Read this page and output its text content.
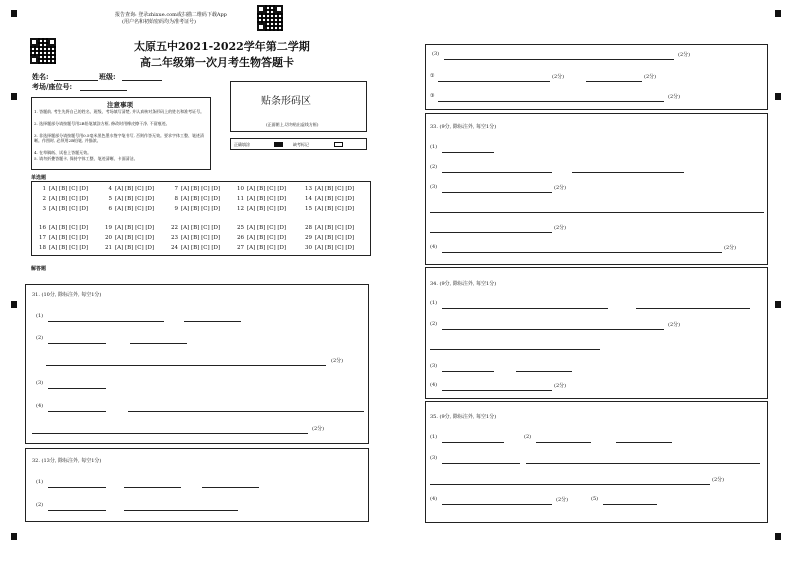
报告查询: 登录zhixue.com或扫描二维码下载App
(用户名和初始密码均为准考证号)
太原五中2021-2022学年第二学期
高二年级第一次月考生物答题卡
姓名:	班级:
考场/座位号:
贴条形码区
(正面朝上,切勿贴出虚线方框)
注意事项
1. 答题前, 考生先将自己的姓名、班级、考场填写清楚, 并认真核对条形码上的姓名和准考证号。
2. 选择题部分请按题号用2B铅笔填涂方框, 修改时用橡皮擦干净, 不留痕迹。
3. 非选择题部分请按题号用0.5毫米黑色墨水签字笔书写, 否则作答无效。要求字体工整、笔迹清晰。作图时, 必须用2B铅笔, 并描浓。
4. 在草稿纸、试卷上答题无效。
5. 请勿折叠答题卡, 保持字体工整、笔迹清晰、卡面清洁。
正确填涂	缺考标记
单选题
1 [A] [B] [C] [D]
2 [A] [B] [C] [D]
3 [A] [B] [C] [D]
4 [A] [B] [C] [D]
5 [A] [B] [C] [D]
6 [A] [B] [C] [D]
7 [A] [B] [C] [D]
8 [A] [B] [C] [D]
9 [A] [B] [C] [D]
10 [A] [B] [C] [D]
11 [A] [B] [C] [D]
12 [A] [B] [C] [D]
13 [A] [B] [C] [D]
14 [A] [B] [C] [D]
15 [A] [B] [C] [D]
16 [A] [B] [C] [D]
17 [A] [B] [C] [D]
18 [A] [B] [C] [D]
19 [A] [B] [C] [D]
20 [A] [B] [C] [D]
21 [A] [B] [C] [D]
22 [A] [B] [C] [D]
23 [A] [B] [C] [D]
24 [A] [B] [C] [D]
25 [A] [B] [C] [D]
26 [A] [B] [C] [D]
27 [A] [B] [C] [D]
28 [A] [B] [C] [D]
29 [A] [B] [C] [D]
30 [A] [B] [C] [D]
解答题
31. (10分, 除标注外, 每空1分)
(1)
(2)
(2分)
(3)
(4)
(2分)
32. (13分, 除标注外, 每空1分)
(1)
(2)
(3)	(2分)
①	(2分)	(2分)
③	(2分)
33. (9分, 除标注外, 每空1分)
(1)
(2)
(3)	(2分)
(2分)
(4)	(2分)
34. (9分, 除标注外, 每空1分)
(1)
(2)	(2分)
(3)
(4)	(2分)
35. (9分, 除标注外, 每空1分)
(1)	(2)
(3)
(2分)
(4)	(2分)	(5)
